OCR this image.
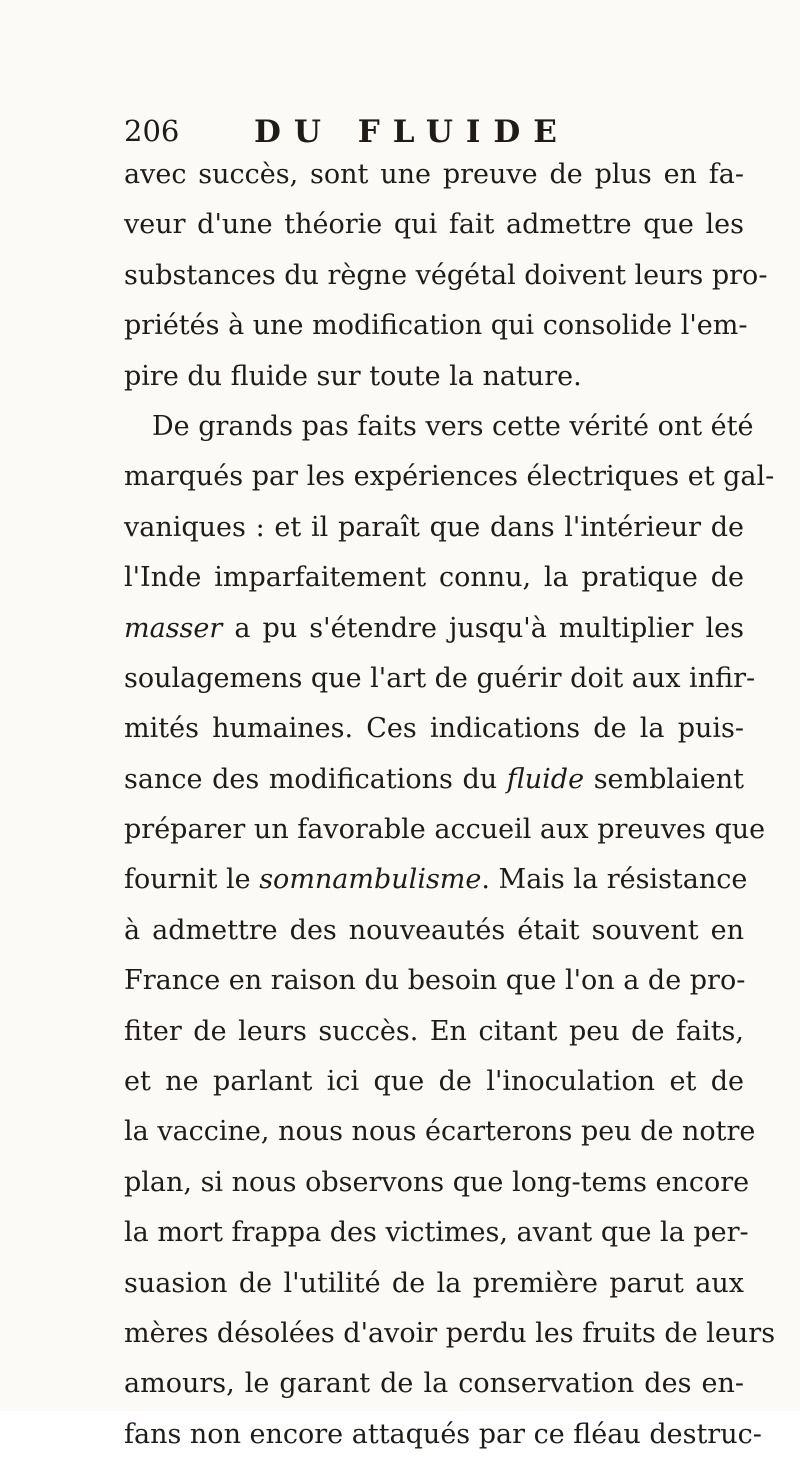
206 DU FLUIDE
avec succès, sont une preuve de plus en fa-
veur d'une théorie qui fait admettre que les
substances du règne végétal doivent leurs pro-
priétés à une modification qui consolide l'em-
pire du fluide sur toute la nature.
De grands pas faits vers cette vérité ont été
marqués par les expériences électriques et gal-
vaniques : et il paraît que dans l'intérieur de
l'Inde imparfaitement connu, la pratique de
masser a pu s'étendre jusqu'à multiplier les
soulagemens que l'art de guérir doit aux infir-
mités humaines. Ces indications de la puis-
sance des modifications du fluide semblaient
préparer un favorable accueil aux preuves que
fournit le somnambulisme. Mais la résistance
à admettre des nouveautés était souvent en
France en raison du besoin que l'on a de pro-
fiter de leurs succès. En citant peu de faits,
et ne parlant ici que de l'inoculation et de
la vaccine, nous nous écarterons peu de notre
plan, si nous observons que long-tems encore
la mort frappa des victimes, avant que la per-
suasion de l'utilité de la première parut aux
mères désolées d'avoir perdu les fruits de leurs
amours, le garant de la conservation des en-
fans non encore attaqués par ce fléau destruc-
